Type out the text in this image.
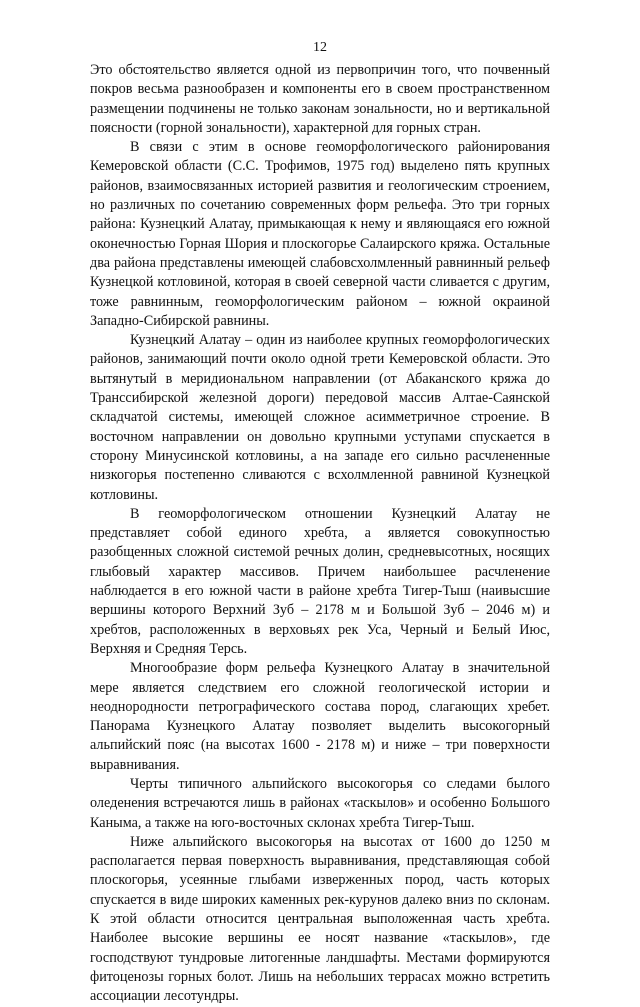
12

Это обстоятельство является одной из первопричин того, что почвенный покров весьма разнообразен и компоненты его в своем пространственном размещении подчинены не только законам зональности, но и вертикальной поясности (горной зональности), характерной для горных стран.

В связи с этим в основе геоморфологического районирования Кемеровской области (С.С. Трофимов, 1975 год) выделено пять крупных районов, взаимосвязанных историей развития и геологическим строением, но различных по сочетанию современных форм рельефа. Это три горных района: Кузнецкий Алатау, примыкающая к нему и являющаяся его южной оконечностью Горная Шория и плоскогорье Салаирского кряжа. Остальные два района представлены имеющей слабовсхолмленный равнинный рельеф Кузнецкой котловиной, которая в своей северной части сливается с другим, тоже равнинным, геоморфологическим районом – южной окраиной Западно-Сибирской равнины.

Кузнецкий Алатау – один из наиболее крупных геоморфологических районов, занимающий почти около одной трети Кемеровской области. Это вытянутый в меридиональном направлении (от Абаканского кряжа до Транссибирской железной дороги) передовой массив Алтае-Саянской складчатой системы, имеющей сложное асимметричное строение. В восточном направлении он довольно крупными уступами спускается в сторону Минусинской котловины, а на западе его сильно расчлененные низкогорья постепенно сливаются с всхолмленной равниной Кузнецкой котловины.

В геоморфологическом отношении Кузнецкий Алатау не представляет собой единого хребта, а является совокупностью разобщенных сложной системой речных долин, средневысотных, носящих глыбовый характер массивов. Причем наибольшее расчленение наблюдается в его южной части в районе хребта Тигер-Тыш (наивысшие вершины которого Верхний Зуб – 2178 м и Большой Зуб – 2046 м) и хребтов, расположенных в верховьях рек Уса, Черный и Белый Июс, Верхняя и Средняя Терсь.

Многообразие форм рельефа Кузнецкого Алатау в значительной мере является следствием его сложной геологической истории и неоднородности петрографического состава пород, слагающих хребет. Панорама Кузнецкого Алатау позволяет выделить высокогорный альпийский пояс (на высотах 1600 - 2178 м) и ниже – три поверхности выравнивания.

Черты типичного альпийского высокогорья со следами былого оледенения встречаются лишь в районах «таскылов» и особенно Большого Каныма, а также на юго-восточных склонах хребта Тигер-Тыш.

Ниже альпийского высокогорья на высотах от 1600 до 1250 м располагается первая поверхность выравнивания, представляющая собой плоскогорья, усеянные глыбами изверженных пород, часть которых спускается в виде широких каменных рек-курунов далеко вниз по склонам. К этой области относится центральная выположенная часть хребта. Наиболее высокие вершины ее носят название «таскылов», где господствуют тундровые литогенные ландшафты. Местами формируются фитоценозы горных болот. Лишь на небольших террасах можно встретить ассоциации лесотундры.
